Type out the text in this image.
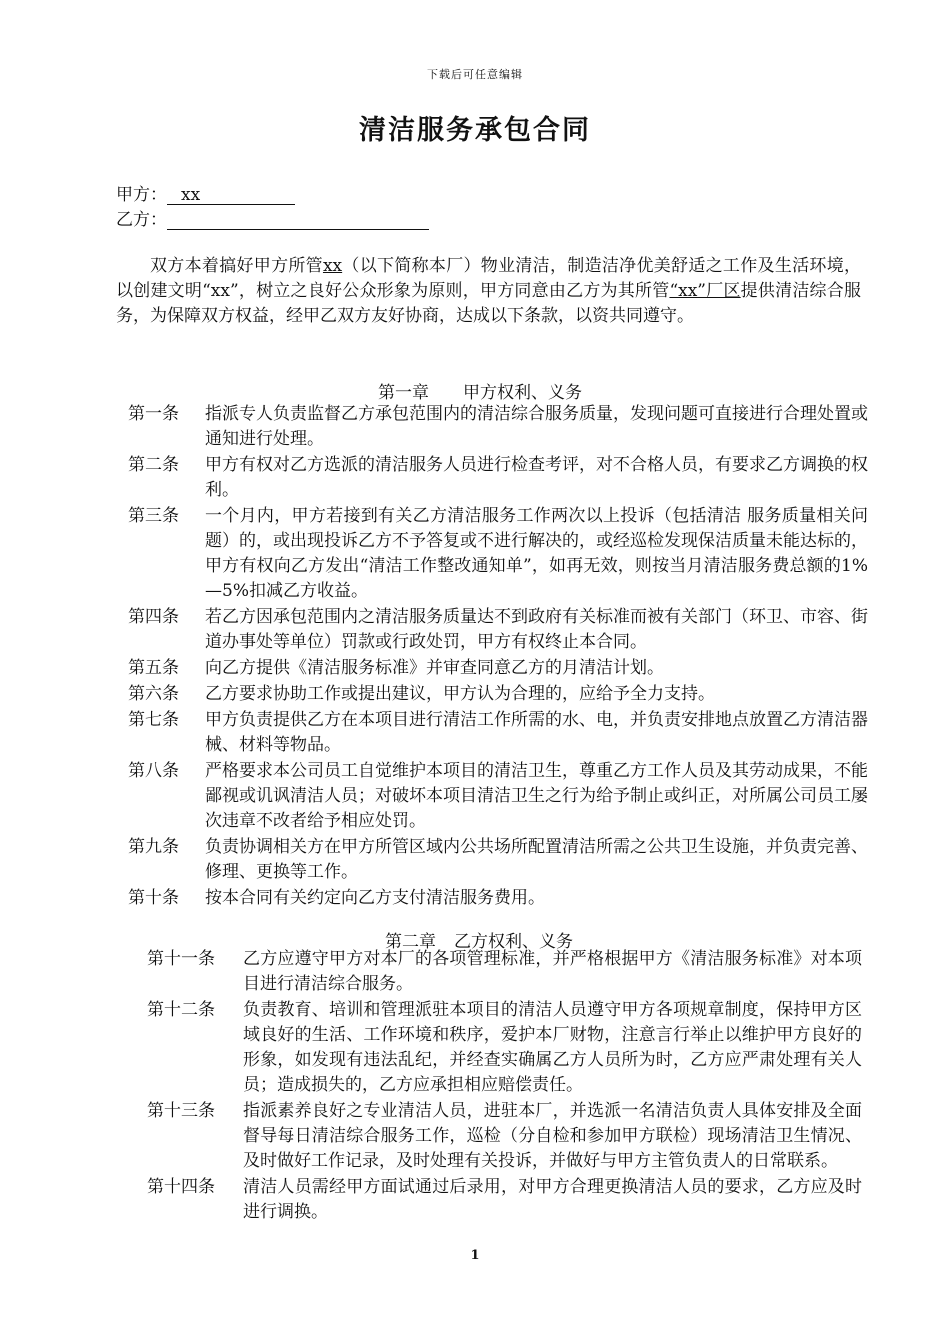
下载后可任意编辑
清洁服务承包合同
甲方： xx
乙方：
双方本着搞好甲方所管xx（以下简称本厂）物业清洁，制造洁净优美舒适之工作及生活环境，以创建文明“xx”，树立之良好公众形象为原则，甲方同意由乙方为其所管“xx”厂区提供清洁综合服务，为保障双方权益，经甲乙双方友好协商，达成以下条款，以资共同遵守。
第一章 甲方权利、义务
第一条	指派专人负责监督乙方承包范围内的清洁综合服务质量，发现问题可直接进行合理处置或通知进行处理。
第二条	甲方有权对乙方选派的清洁服务人员进行检查考评，对不合格人员，有要求乙方调换的权利。
第三条	一个月内，甲方若接到有关乙方清洁服务工作两次以上投诉（包括清洁 服务质量相关问题）的，或出现投诉乙方不予答复或不进行解决的，或经巡检发现保洁质量未能达标的，甲方有权向乙方发出“清洁工作整改通知单”，如再无效，则按当月清洁服务费总额的1%—5%扣减乙方收益。
第四条	若乙方因承包范围内之清洁服务质量达不到政府有关标准而被有关部门（环卫、市容、街道办事处等单位）罚款或行政处罚，甲方有权终止本合同。
第五条	向乙方提供《清洁服务标准》并审查同意乙方的月清洁计划。
第六条	乙方要求协助工作或提出建议，甲方认为合理的，应给予全力支持。
第七条	甲方负责提供乙方在本项目进行清洁工作所需的水、电，并负责安排地点放置乙方清洁器械、材料等物品。
第八条	严格要求本公司员工自觉维护本项目的清洁卫生，尊重乙方工作人员及其劳动成果，不能鄙视或讥讽清洁人员；对破坏本项目清洁卫生之行为给予制止或纠正，对所属公司员工屡次违章不改者给予相应处罚。
第九条	负责协调相关方在甲方所管区域内公共场所配置清洁所需之公共卫生设施，并负责完善、修理、更换等工作。
第十条	按本合同有关约定向乙方支付清洁服务费用。
第二章 乙方权利、义务
第十一条	乙方应遵守甲方对本厂的各项管理标准，并严格根据甲方《清洁服务标准》对本项目进行清洁综合服务。
第十二条	负责教育、培训和管理派驻本项目的清洁人员遵守甲方各项规章制度，保持甲方区域良好的生活、工作环境和秩序，爱护本厂财物，注意言行举止以维护甲方良好的形象，如发现有违法乱纪，并经查实确属乙方人员所为时，乙方应严肃处理有关人员；造成损失的，乙方应承担相应赔偿责任。
第十三条	指派素养良好之专业清洁人员，进驻本厂，并选派一名清洁负责人具体安排及全面督导每日清洁综合服务工作，巡检（分自检和参加甲方联检）现场清洁卫生情况、及时做好工作记录，及时处理有关投诉，并做好与甲方主管负责人的日常联系。
第十四条	清洁人员需经甲方面试通过后录用，对甲方合理更换清洁人员的要求，乙方应及时进行调换。
1
